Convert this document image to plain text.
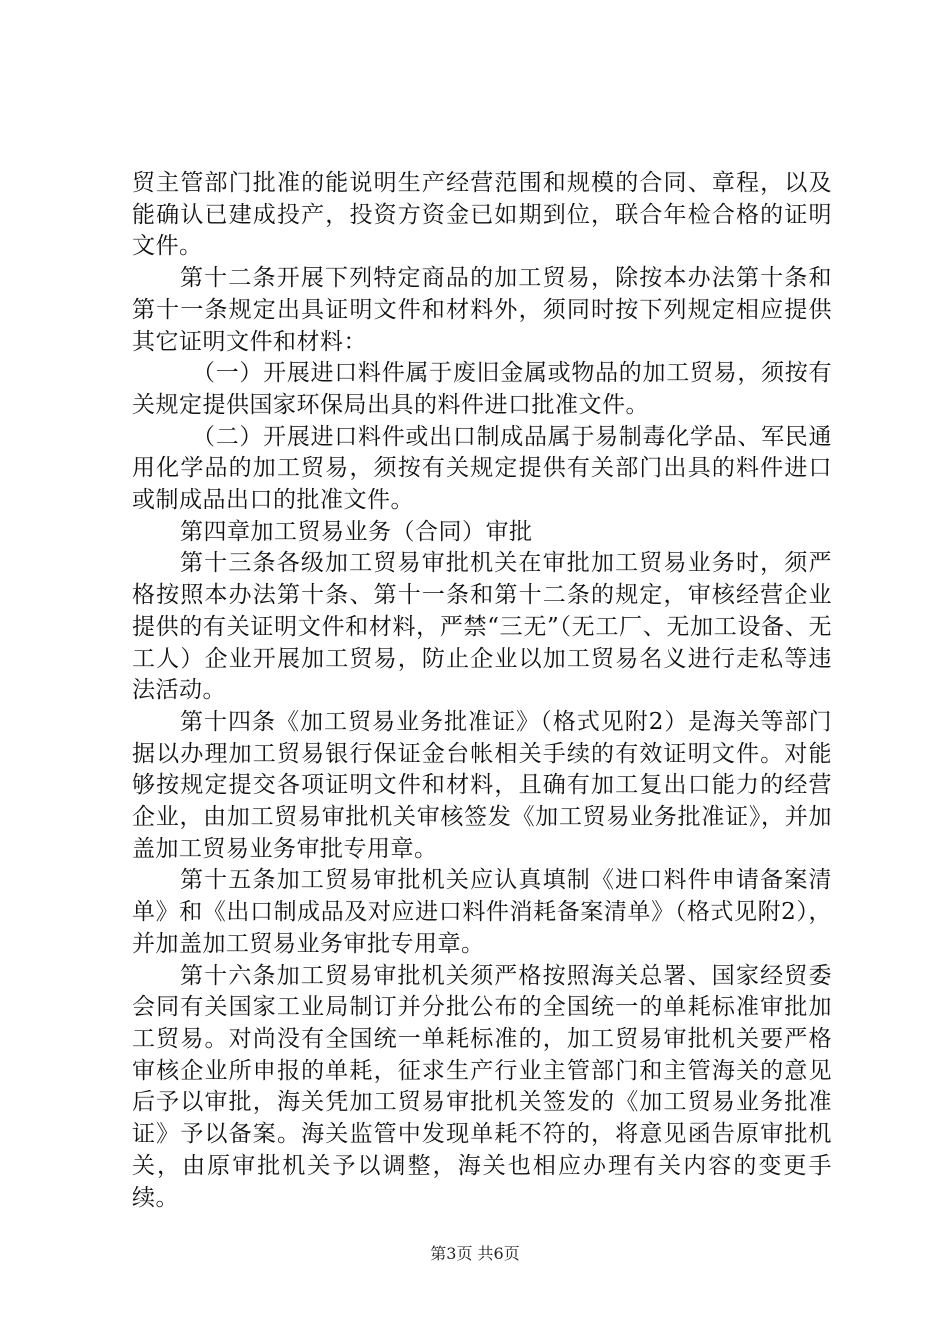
贸主管部门批准的能说明生产经营范围和规模的合同、章程，以及能确认已建成投产，投资方资金已如期到位，联合年检合格的证明文件。

第十二条开展下列特定商品的加工贸易，除按本办法第十条和第十一条规定出具证明文件和材料外，须同时按下列规定相应提供其它证明文件和材料：

（一）开展进口料件属于废旧金属或物品的加工贸易，须按有关规定提供国家环保局出具的料件进口批准文件。

（二）开展进口料件或出口制成品属于易制毒化学品、军民通用化学品的加工贸易，须按有关规定提供有关部门出具的料件进口或制成品出口的批准文件。

第四章加工贸易业务（合同）审批

第十三条各级加工贸易审批机关在审批加工贸易业务时，须严格按照本办法第十条、第十一条和第十二条的规定，审核经营企业提供的有关证明文件和材料，严禁“三无”（无工厂、无加工设备、无工人）企业开展加工贸易，防止企业以加工贸易名义进行走私等违法活动。

第十四条《加工贸易业务批准证》（格式见附2）是海关等部门据以办理加工贸易银行保证金台帐相关手续的有效证明文件。对能够按规定提交各项证明文件和材料，且确有加工复出口能力的经营企业，由加工贸易审批机关审核签发《加工贸易业务批准证》，并加盖加工贸易业务审批专用章。

第十五条加工贸易审批机关应认真填制《进口料件申请备案清单》和《出口制成品及对应进口料件消耗备案清单》（格式见附2），并加盖加工贸易业务审批专用章。

第十六条加工贸易审批机关须严格按照海关总署、国家经贸委会同有关国家工业局制订并分批公布的全国统一的单耗标准审批加工贸易。对尚没有全国统一单耗标准的，加工贸易审批机关要严格审核企业所申报的单耗，征求生产行业主管部门和主管海关的意见后予以审批，海关凭加工贸易审批机关签发的《加工贸易业务批准证》予以备案。海关监管中发现单耗不符的，将意见函告原审批机关，由原审批机关予以调整，海关也相应办理有关内容的变更手续。

第3页 共6页
